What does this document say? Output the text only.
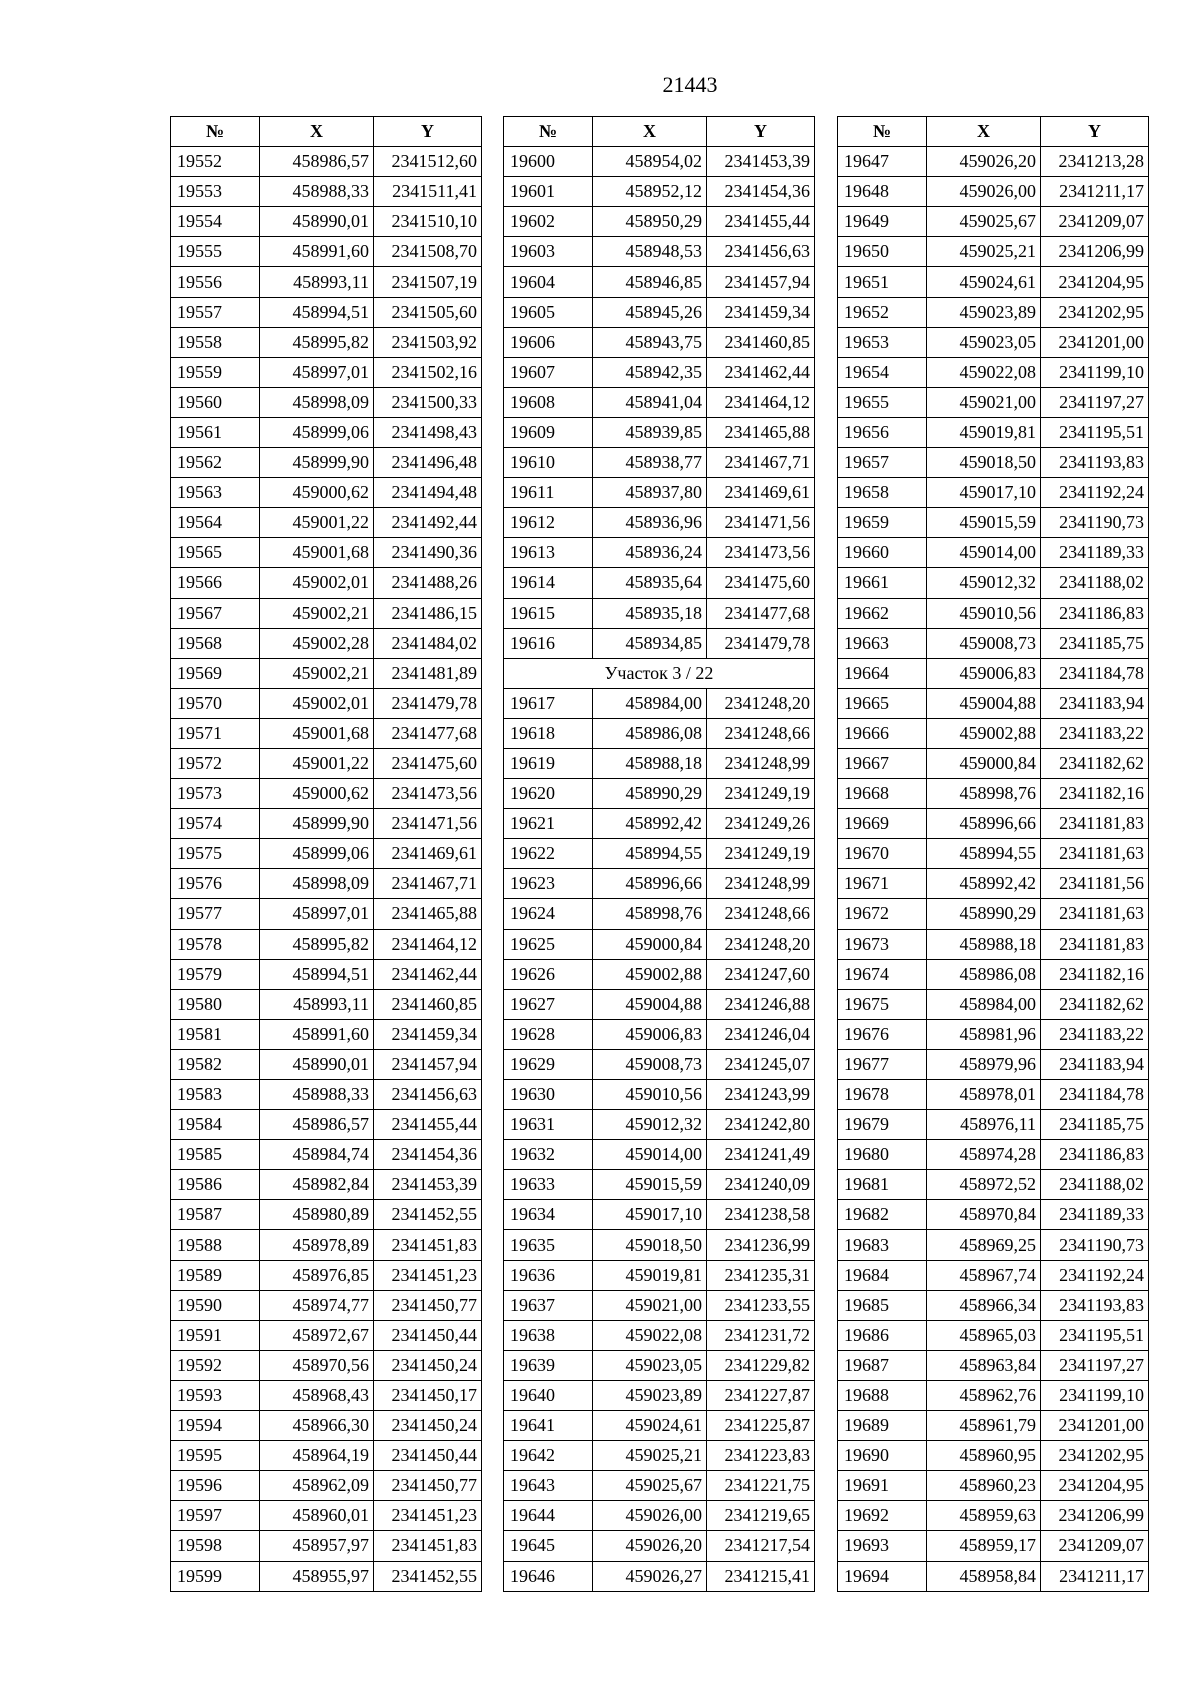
21443
№	X	Y
19552	458986,57	2341512,60
19553	458988,33	2341511,41
19554	458990,01	2341510,10
19555	458991,60	2341508,70
19556	458993,11	2341507,19
19557	458994,51	2341505,60
19558	458995,82	2341503,92
19559	458997,01	2341502,16
19560	458998,09	2341500,33
19561	458999,06	2341498,43
19562	458999,90	2341496,48
19563	459000,62	2341494,48
19564	459001,22	2341492,44
19565	459001,68	2341490,36
19566	459002,01	2341488,26
19567	459002,21	2341486,15
19568	459002,28	2341484,02
19569	459002,21	2341481,89
19570	459002,01	2341479,78
19571	459001,68	2341477,68
19572	459001,22	2341475,60
19573	459000,62	2341473,56
19574	458999,90	2341471,56
19575	458999,06	2341469,61
19576	458998,09	2341467,71
19577	458997,01	2341465,88
19578	458995,82	2341464,12
19579	458994,51	2341462,44
19580	458993,11	2341460,85
19581	458991,60	2341459,34
19582	458990,01	2341457,94
19583	458988,33	2341456,63
19584	458986,57	2341455,44
19585	458984,74	2341454,36
19586	458982,84	2341453,39
19587	458980,89	2341452,55
19588	458978,89	2341451,83
19589	458976,85	2341451,23
19590	458974,77	2341450,77
19591	458972,67	2341450,44
19592	458970,56	2341450,24
19593	458968,43	2341450,17
19594	458966,30	2341450,24
19595	458964,19	2341450,44
19596	458962,09	2341450,77
19597	458960,01	2341451,23
19598	458957,97	2341451,83
19599	458955,97	2341452,55
№	X	Y
19600	458954,02	2341453,39
19601	458952,12	2341454,36
19602	458950,29	2341455,44
19603	458948,53	2341456,63
19604	458946,85	2341457,94
19605	458945,26	2341459,34
19606	458943,75	2341460,85
19607	458942,35	2341462,44
19608	458941,04	2341464,12
19609	458939,85	2341465,88
19610	458938,77	2341467,71
19611	458937,80	2341469,61
19612	458936,96	2341471,56
19613	458936,24	2341473,56
19614	458935,64	2341475,60
19615	458935,18	2341477,68
19616	458934,85	2341479,78
Участок 3 / 22		
19617	458984,00	2341248,20
19618	458986,08	2341248,66
19619	458988,18	2341248,99
19620	458990,29	2341249,19
19621	458992,42	2341249,26
19622	458994,55	2341249,19
19623	458996,66	2341248,99
19624	458998,76	2341248,66
19625	459000,84	2341248,20
19626	459002,88	2341247,60
19627	459004,88	2341246,88
19628	459006,83	2341246,04
19629	459008,73	2341245,07
19630	459010,56	2341243,99
19631	459012,32	2341242,80
19632	459014,00	2341241,49
19633	459015,59	2341240,09
19634	459017,10	2341238,58
19635	459018,50	2341236,99
19636	459019,81	2341235,31
19637	459021,00	2341233,55
19638	459022,08	2341231,72
19639	459023,05	2341229,82
19640	459023,89	2341227,87
19641	459024,61	2341225,87
19642	459025,21	2341223,83
19643	459025,67	2341221,75
19644	459026,00	2341219,65
19645	459026,20	2341217,54
19646	459026,27	2341215,41
№	X	Y
19647	459026,20	2341213,28
19648	459026,00	2341211,17
19649	459025,67	2341209,07
19650	459025,21	2341206,99
19651	459024,61	2341204,95
19652	459023,89	2341202,95
19653	459023,05	2341201,00
19654	459022,08	2341199,10
19655	459021,00	2341197,27
19656	459019,81	2341195,51
19657	459018,50	2341193,83
19658	459017,10	2341192,24
19659	459015,59	2341190,73
19660	459014,00	2341189,33
19661	459012,32	2341188,02
19662	459010,56	2341186,83
19663	459008,73	2341185,75
19664	459006,83	2341184,78
19665	459004,88	2341183,94
19666	459002,88	2341183,22
19667	459000,84	2341182,62
19668	458998,76	2341182,16
19669	458996,66	2341181,83
19670	458994,55	2341181,63
19671	458992,42	2341181,56
19672	458990,29	2341181,63
19673	458988,18	2341181,83
19674	458986,08	2341182,16
19675	458984,00	2341182,62
19676	458981,96	2341183,22
19677	458979,96	2341183,94
19678	458978,01	2341184,78
19679	458976,11	2341185,75
19680	458974,28	2341186,83
19681	458972,52	2341188,02
19682	458970,84	2341189,33
19683	458969,25	2341190,73
19684	458967,74	2341192,24
19685	458966,34	2341193,83
19686	458965,03	2341195,51
19687	458963,84	2341197,27
19688	458962,76	2341199,10
19689	458961,79	2341201,00
19690	458960,95	2341202,95
19691	458960,23	2341204,95
19692	458959,63	2341206,99
19693	458959,17	2341209,07
19694	458958,84	2341211,17
